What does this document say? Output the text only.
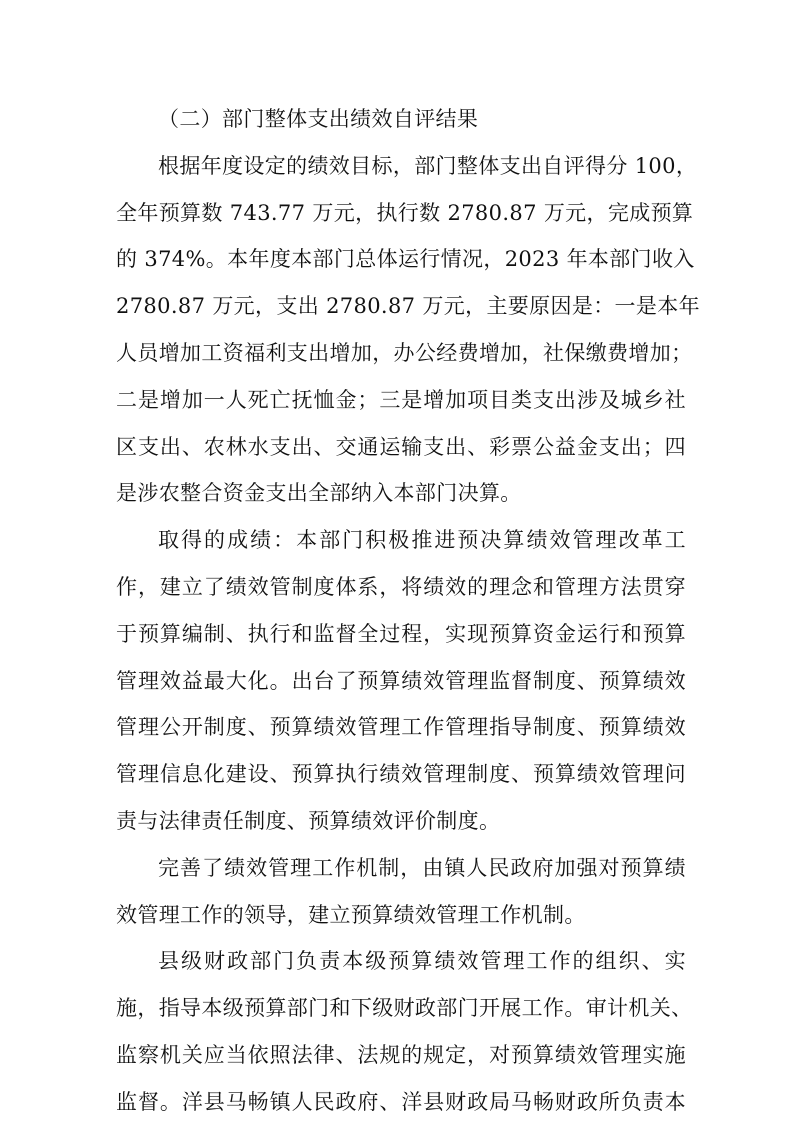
（二）部门整体支出绩效自评结果

根据年度设定的绩效目标，部门整体支出自评得分 100，
全年预算数 743.77 万元，执行数 2780.87 万元，完成预算
的 374%。本年度本部门总体运行情况，2023 年本部门收入
2780.87 万元，支出 2780.87 万元，主要原因是：一是本年
人员增加工资福利支出增加，办公经费增加，社保缴费增加；
二是增加一人死亡抚恤金；三是增加项目类支出涉及城乡社
区支出、农林水支出、交通运输支出、彩票公益金支出；四
是涉农整合资金支出全部纳入本部门决算。

取得的成绩：本部门积极推进预决算绩效管理改革工
作，建立了绩效管制度体系，将绩效的理念和管理方法贯穿
于预算编制、执行和监督全过程，实现预算资金运行和预算
管理效益最大化。出台了预算绩效管理监督制度、预算绩效
管理公开制度、预算绩效管理工作管理指导制度、预算绩效
管理信息化建设、预算执行绩效管理制度、预算绩效管理问
责与法律责任制度、预算绩效评价制度。

完善了绩效管理工作机制，由镇人民政府加强对预算绩
效管理工作的领导，建立预算绩效管理工作机制。

县级财政部门负责本级预算绩效管理工作的组织、实
施，指导本级预算部门和下级财政部门开展工作。审计机关、
监察机关应当依照法律、法规的规定，对预算绩效管理实施
监督。洋县马畅镇人民政府、洋县财政局马畅财政所负责本
